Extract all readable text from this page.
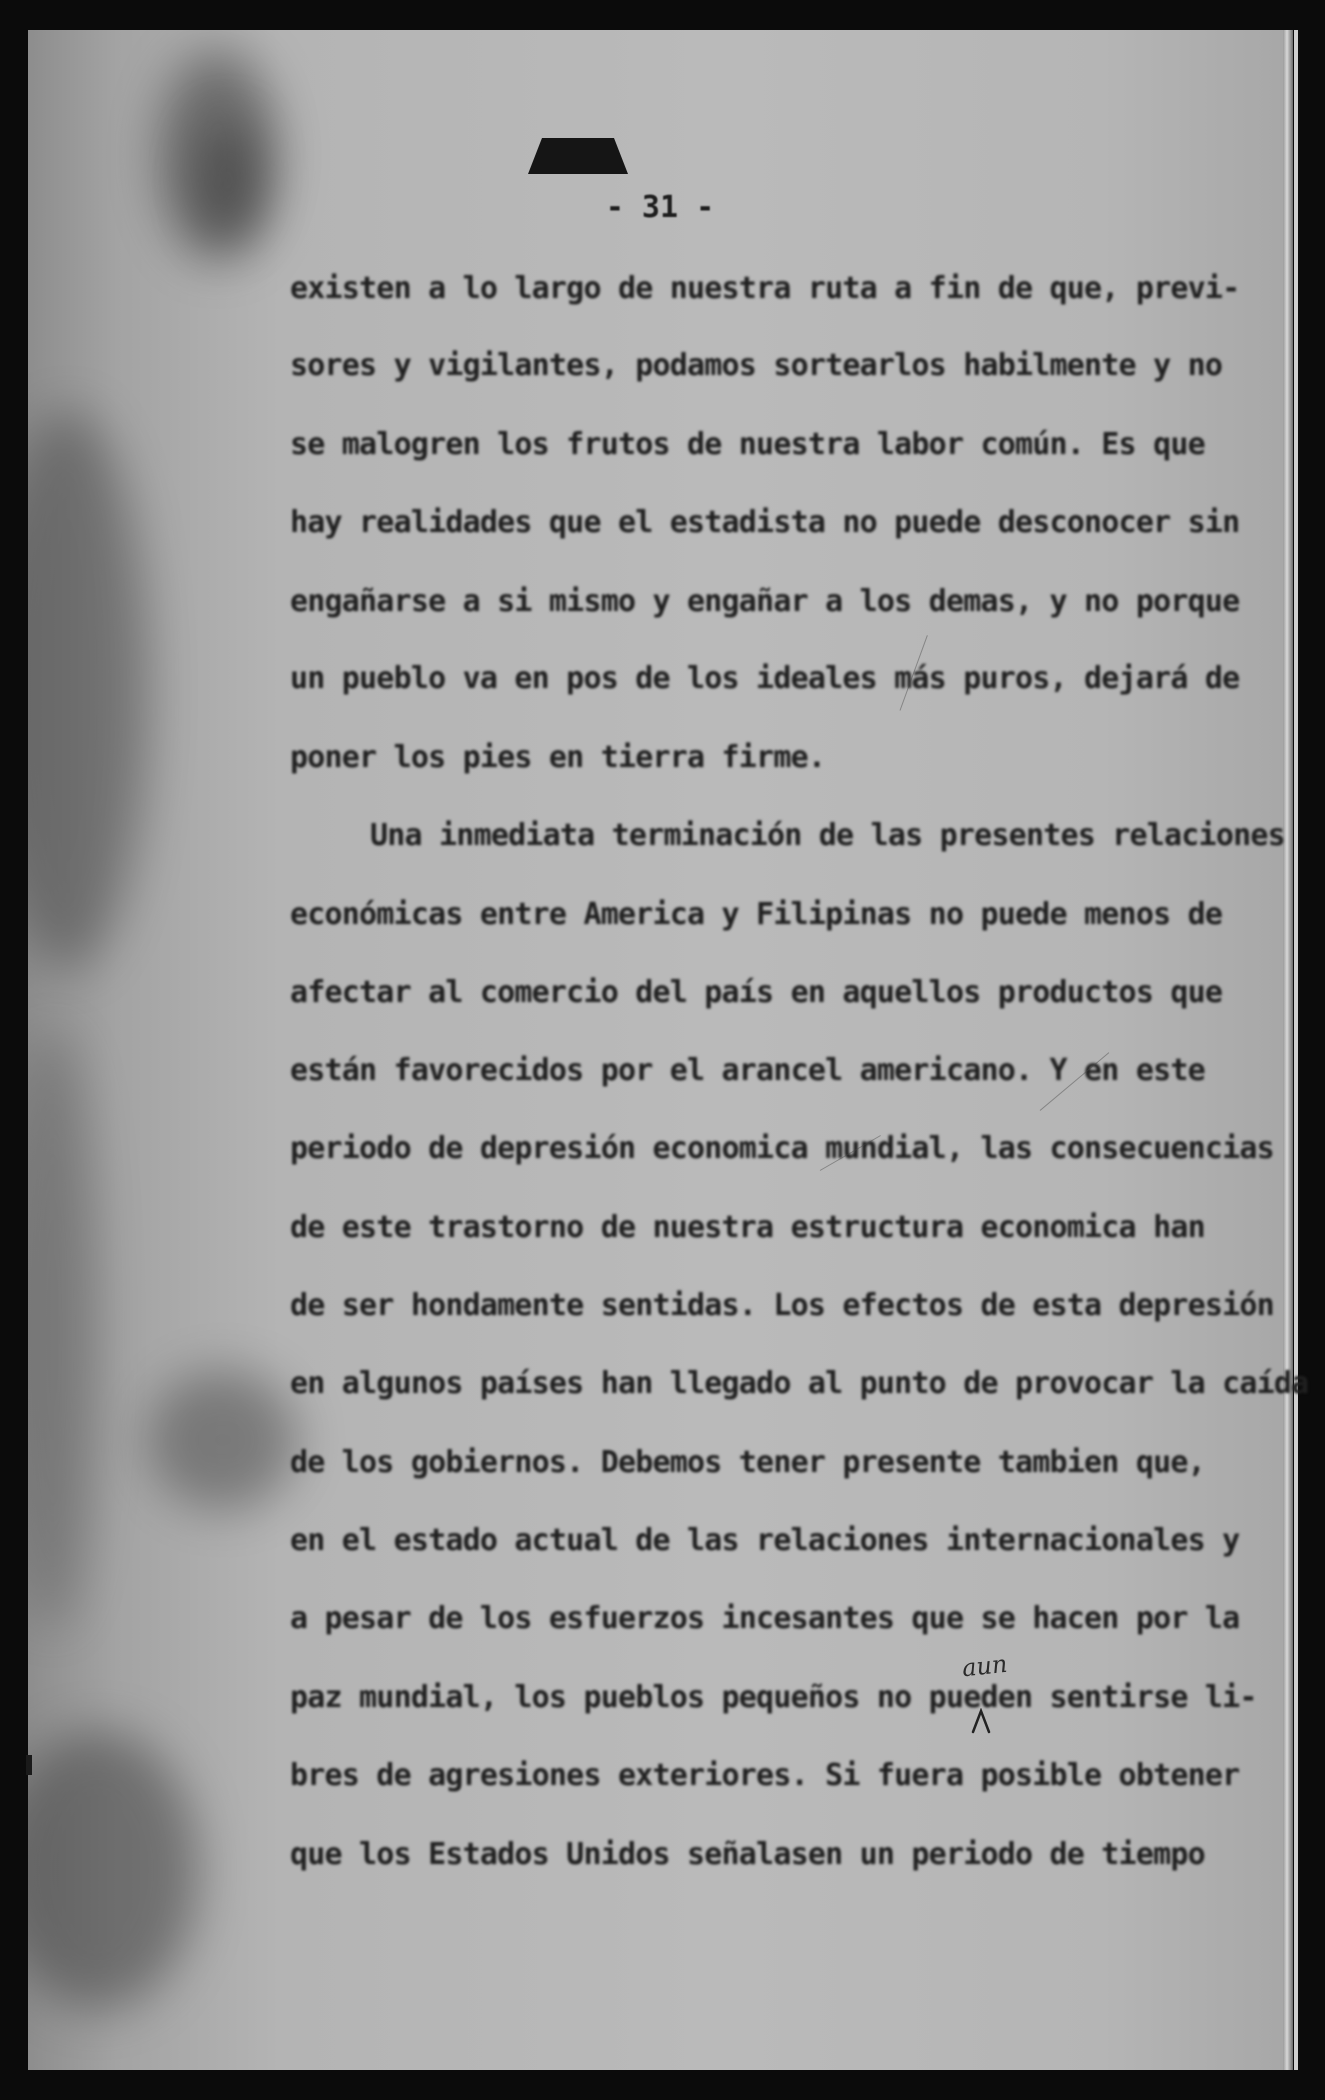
- 31 -

existen a lo largo de nuestra ruta a fin de que, previ-

sores y vigilantes, podamos sortearlos habilmente y no

se malogren los frutos de nuestra labor común. Es que

hay realidades que el estadista no puede desconocer sin

engañarse a si mismo y engañar a los demas, y no porque

un pueblo va en pos de los ideales más puros, dejará de

poner los pies en tierra firme.

Una inmediata terminación de las presentes relaciones

económicas entre America y Filipinas no puede menos de

afectar al comercio del país en aquellos productos que

están favorecidos por el arancel americano. Y en este

periodo de depresión economica mundial, las consecuencias

de este trastorno de nuestra estructura economica han

de ser hondamente sentidas. Los efectos de esta depresión

en algunos países han llegado al punto de provocar la caída

de los gobiernos. Debemos tener presente tambien que,

en el estado actual de las relaciones internacionales y

a pesar de los esfuerzos incesantes que se hacen por la

paz mundial, los pueblos pequeños no pueden sentirse li-

bres de agresiones exteriores. Si fuera posible obtener

que los Estados Unidos señalasen un periodo de tiempo

aun
